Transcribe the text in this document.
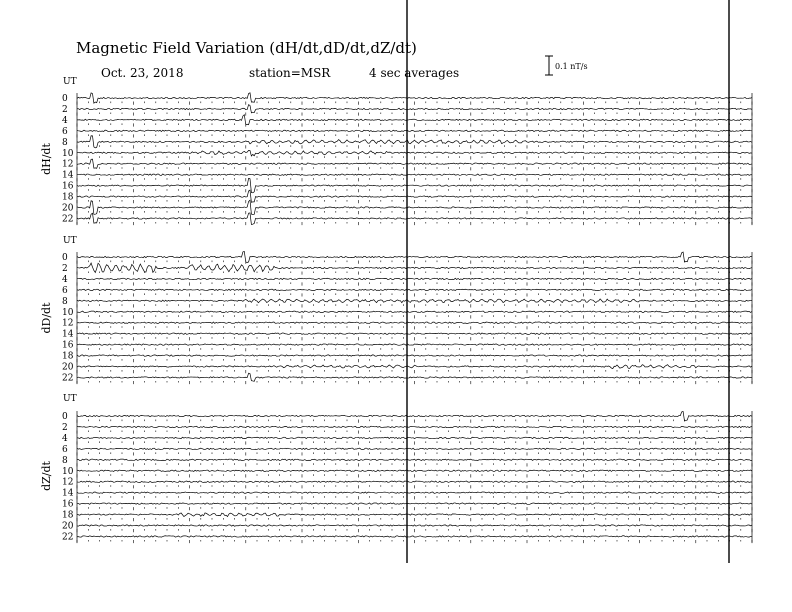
Magnetic Field Variation (dH/dt,dD/dt,dZ/dt)
Oct. 23, 2018	station=MSR	4 sec averages	0.1 nT/s
UT
dH/dt
0
2
4
6
8
10
12
14
16
18
20
22
UT
dD/dt
0
2
4
6
8
10
12
14
16
18
20
22
UT
dZ/dt
0
2
4
6
8
10
12
14
16
18
20
22
